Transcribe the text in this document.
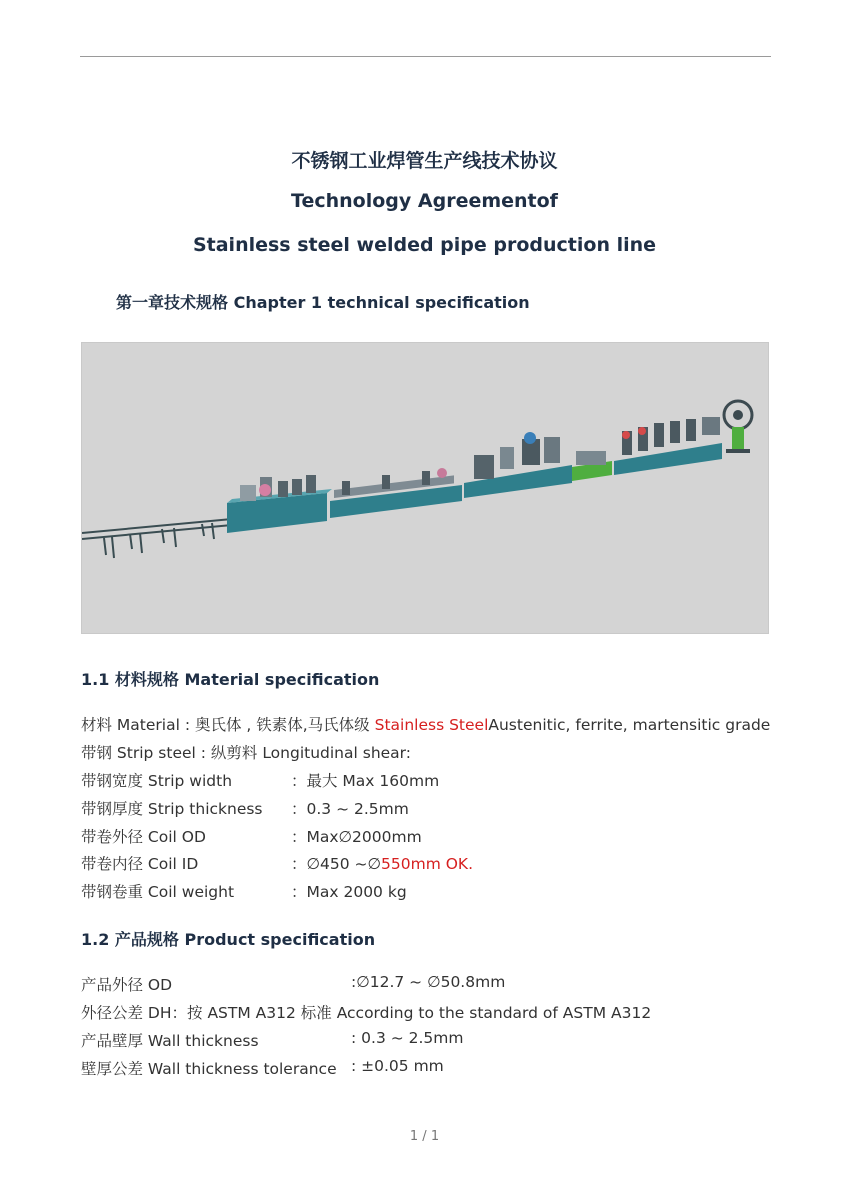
不锈钢工业焊管生产线技术协议
Technology Agreementof
Stainless steel welded pipe production line
第一章技术规格 Chapter 1 technical specification
1.1 材料规格 Material specification
材料 Material : 奥氏体 , 铁素体,马氏体级 Stainless SteelAustenitic, ferrite, martensitic grade
带钢 Strip steel : 纵剪料 Longitudinal shear:
带钢宽度 Strip width	：最大 Max 160mm
带钢厚度 Strip thickness ：0.3 ~ 2.5mm
带卷外径 Coil OD	：Max∅2000mm
带卷内径 Coil ID	：∅450 ~∅550mm OK.
带钢卷重 Coil weight	：Max 2000 kg
1.2 产品规格 Product specification
产品外径 OD	:∅12.7 ~ ∅50.8mm
外径公差 DH：按 ASTM A312 标准 According to the standard of ASTM A312
产品壁厚 Wall thickness	: 0.3 ~ 2.5mm
壁厚公差 Wall thickness tolerance : ±0.05 mm
1 / 1
